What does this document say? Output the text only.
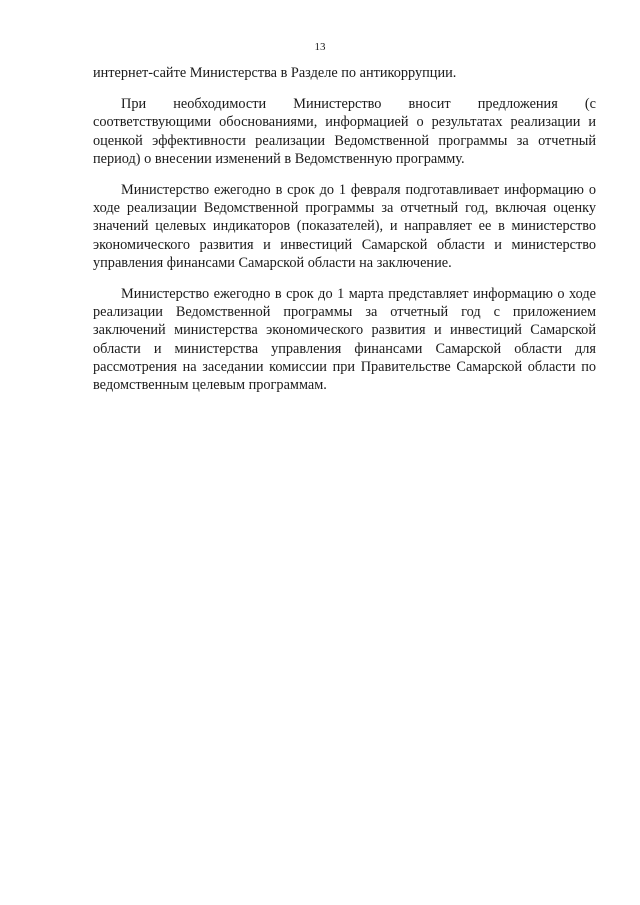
13

интернет-сайте Министерства в Разделе по антикоррупции.

При необходимости Министерство вносит предложения (с соответствующими обоснованиями, информацией о результатах реализации и оценкой эффективности реализации Ведомственной программы за отчетный период) о внесении изменений в Ведомственную программу.

Министерство ежегодно в срок до 1 февраля подготавливает информацию о ходе реализации Ведомственной программы за отчетный год, включая оценку значений целевых индикаторов (показателей), и направляет ее в министерство экономического развития и инвестиций Самарской области и министерство управления финансами Самарской области на заключение.

Министерство ежегодно в срок до 1 марта представляет информацию о ходе реализации Ведомственной программы за отчетный год с приложением заключений министерства экономического развития и инвестиций Самарской области и министерства управления финансами Самарской области для рассмотрения на заседании комиссии при Правительстве Самарской области по ведомственным целевым программам.
